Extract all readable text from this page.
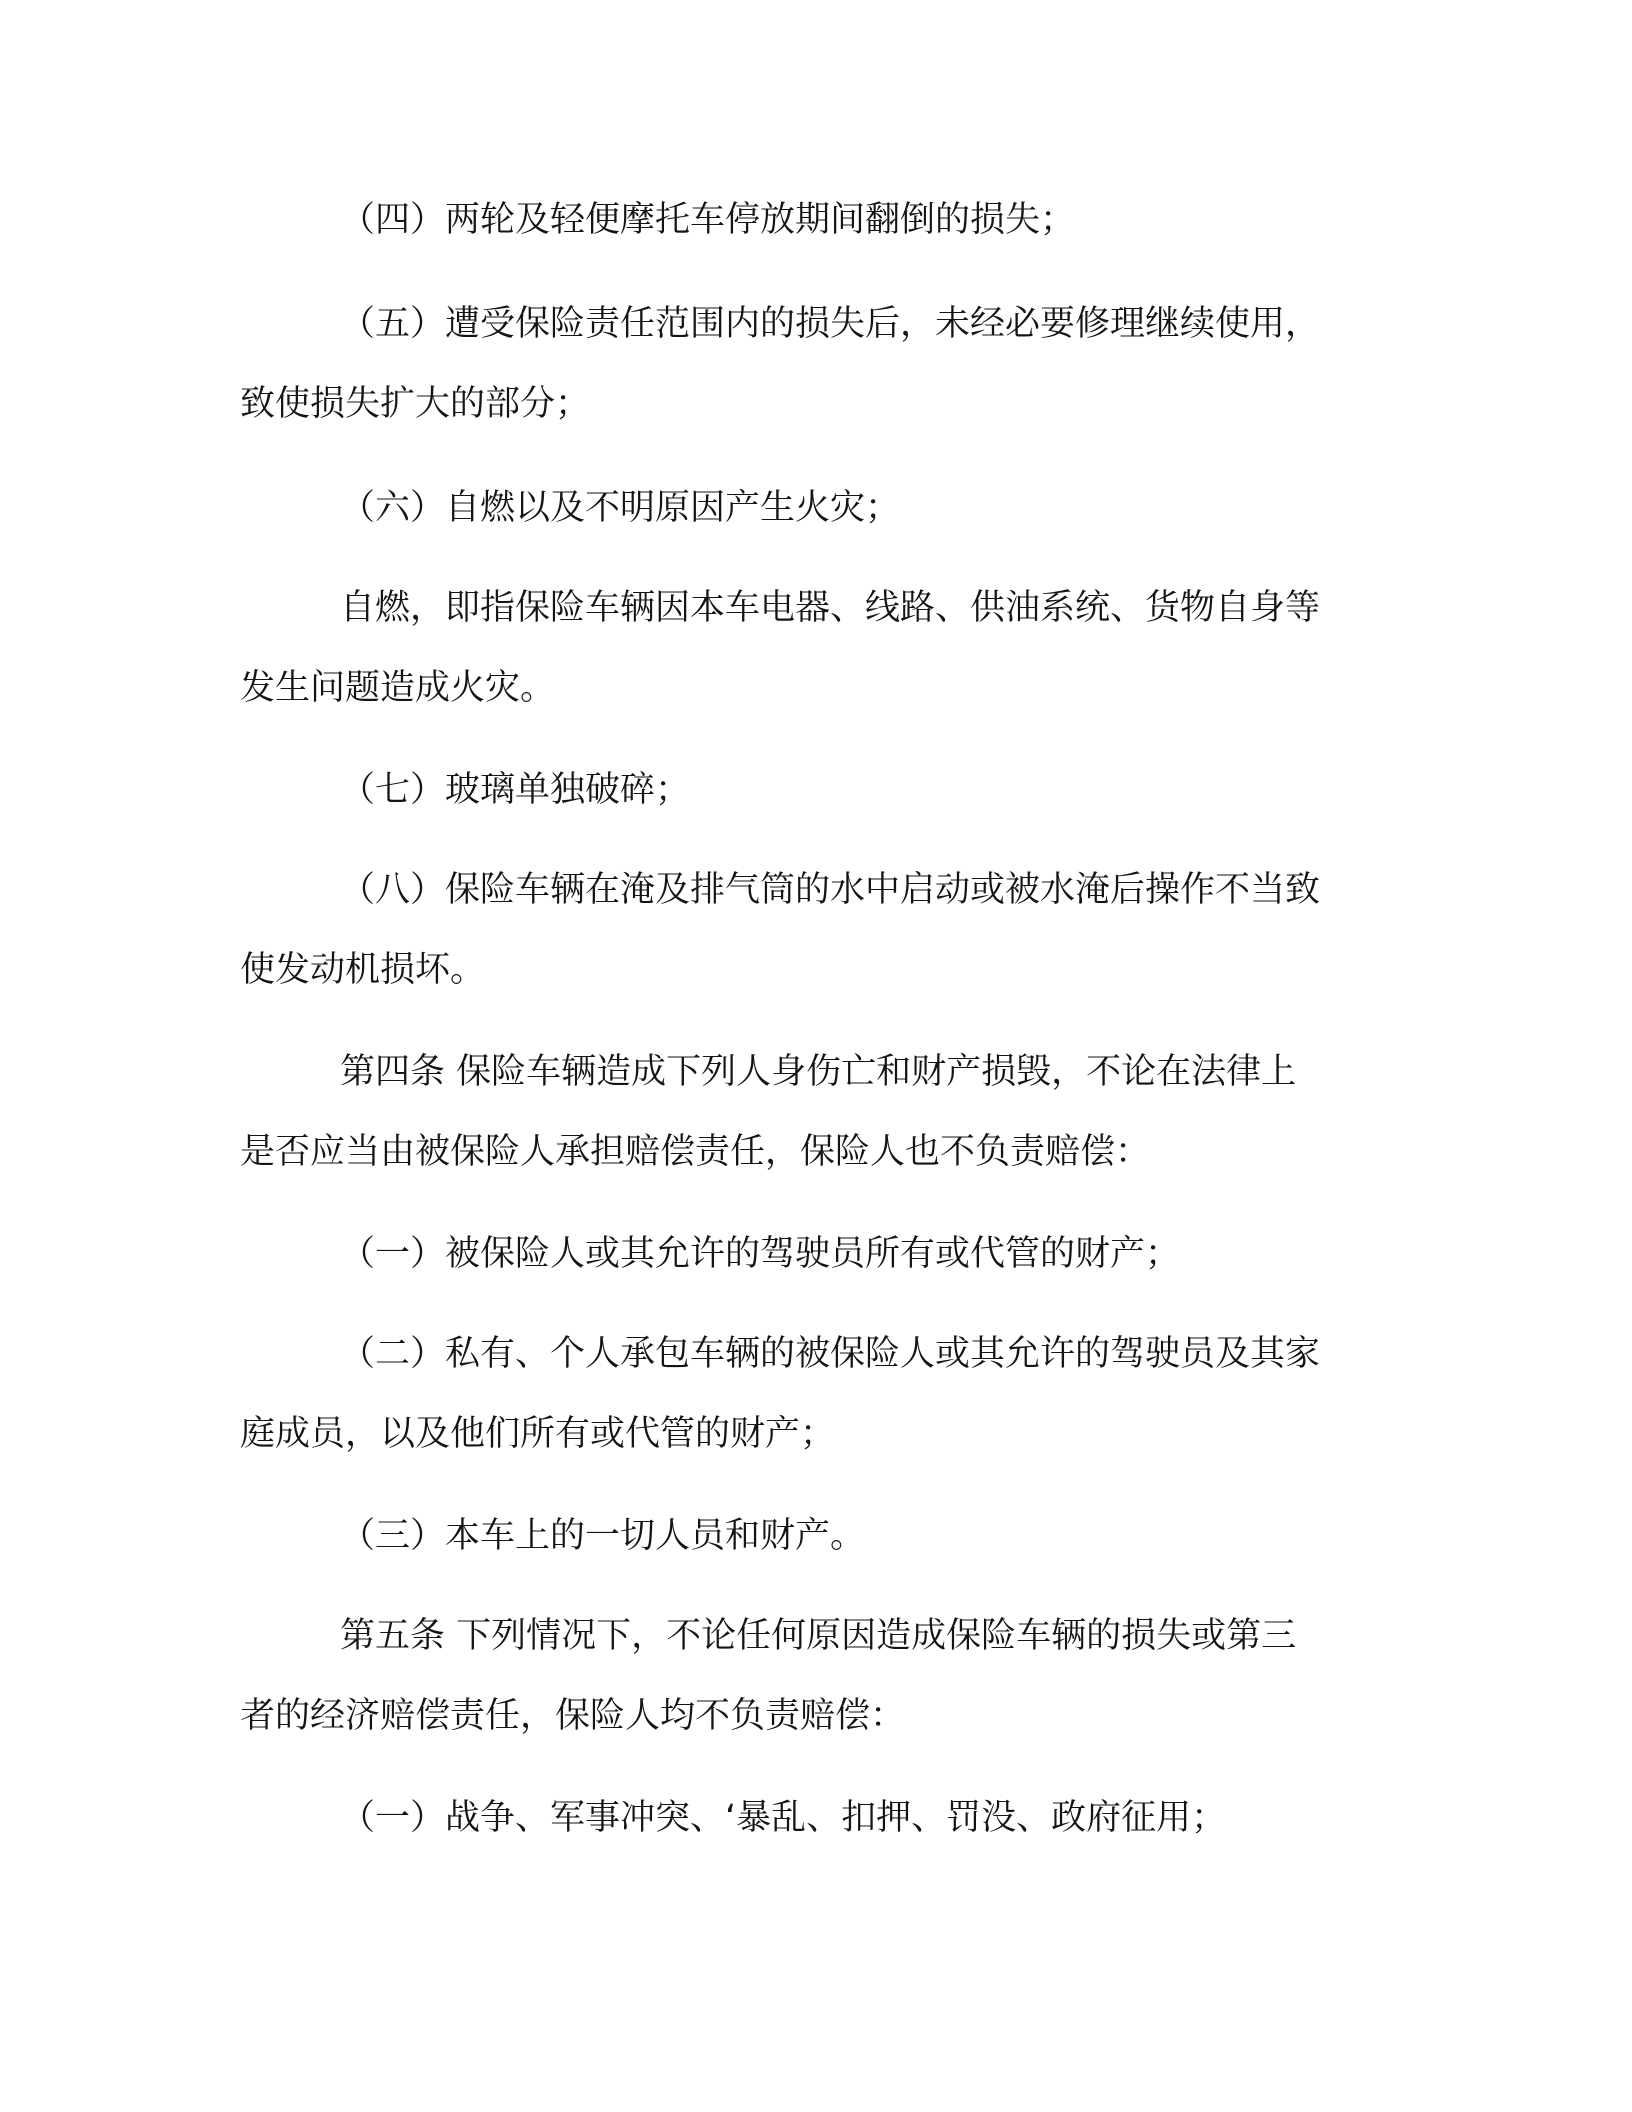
（四）两轮及轻便摩托车停放期间翻倒的损失；

（五）遭受保险责任范围内的损失后，未经必要修理继续使用，
致使损失扩大的部分；

（六）自燃以及不明原因产生火灾；

自燃，即指保险车辆因本车电器、线路、供油系统、货物自身等
发生问题造成火灾。

（七）玻璃单独破碎；

（八）保险车辆在淹及排气筒的水中启动或被水淹后操作不当致
使发动机损坏。

第四条 保险车辆造成下列人身伤亡和财产损毁，不论在法律上
是否应当由被保险人承担赔偿责任，保险人也不负责赔偿：

（一）被保险人或其允许的驾驶员所有或代管的财产；

（二）私有、个人承包车辆的被保险人或其允许的驾驶员及其家
庭成员，以及他们所有或代管的财产；

（三）本车上的一切人员和财产。

第五条 下列情况下，不论任何原因造成保险车辆的损失或第三
者的经济赔偿责任，保险人均不负责赔偿：

（一）战争、军事冲突、‘暴乱、扣押、罚没、政府征用；
